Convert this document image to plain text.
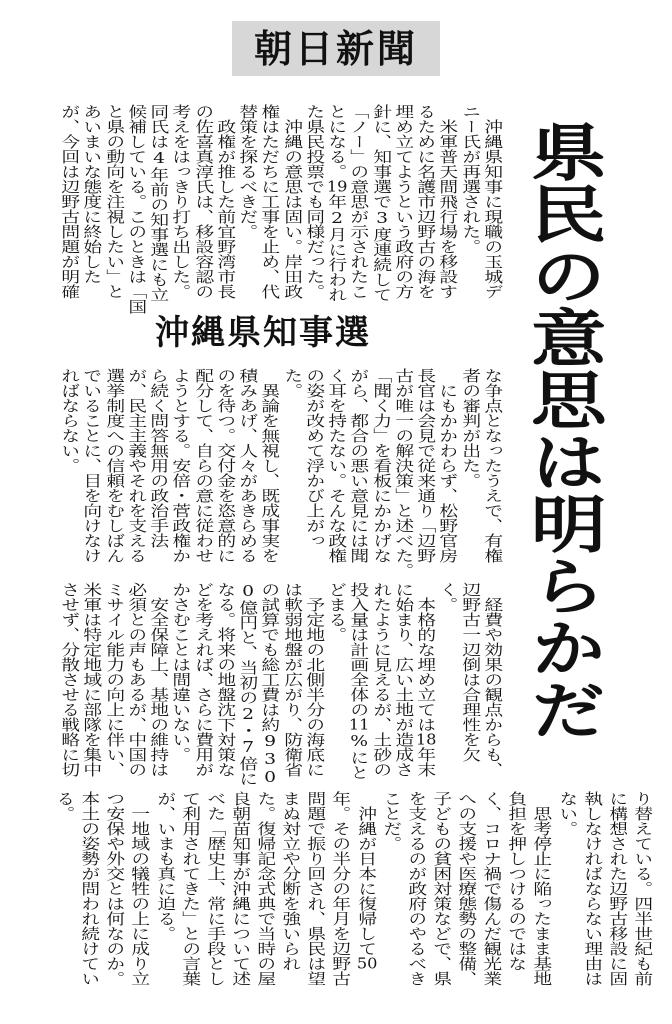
朝日新聞
県民の意思は明らかだ
沖縄県知事選
　沖縄県知事に現職の玉城デ
ニー氏が再選された。
　米軍普天間飛行場を移設す
るために名護市辺野古の海を
埋め立てようという政府の方
針に、知事選で3度連続して
「ノー」の意思が示されたこ
とになる。19年2月に行われ
た県民投票でも同様だった。
　沖縄の意思は固い。岸田政
権はただちに工事を止め、代
替策を探るべきだ。
　政権が推した前宜野湾市長
の佐喜真淳氏は、移設容認の
考えをはっきり打ち出した。
同氏は4年前の知事選にも立
候補している。このときは「国
と県の動向を注視したい」と
あいまいな態度に終始した
が、今回は辺野古問題が明確
な争点となったうえで、有権
者の審判が出た。
　にもかかわらず、松野官房
長官は会見で従来通り「辺野
古が唯一の解決策」と述べた。
「聞く力」を看板にかかげな
がら、都合の悪い意見には聞
く耳を持たない。そんな政権
の姿が改めて浮かび上がっ
た。
　異論を無視し、既成事実を
積みあげ、人々があきらめる
のを待つ。交付金を恣意的に
配分して、自らの意に従わせ
ようとする。安倍・菅政権か
ら続く問答無用の政治手法
が、民主主義やそれを支える
選挙制度への信頼をむしばん
でいることに、目を向けなけ
ればならない。
　経費や効果の観点からも、
辺野古一辺倒は合理性を欠
く。
　本格的な埋め立ては18年末
に始まり、広い土地が造成さ
れたように見えるが、土砂の
投入量は計画全体の11%にと
どまる。
　予定地の北側半分の海底に
は軟弱地盤が広がり、防衛省
の試算でも総工費は約930
0億円と、当初の2・7倍に
なる。将来の地盤沈下対策な
どを考えれば、さらに費用が
かさむことは間違いない。
　安全保障上、基地の維持は
必須との声もあるが、中国の
ミサイル能力の向上に伴い、
米軍は特定地域に部隊を集中
させず、分散させる戦略に切
り替えている。四半世紀も前
に構想された辺野古移設に固
執しなければならない理由は
ない。
　思考停止に陥ったまま基地
負担を押しつけるのではな
く、コロナ禍で傷んだ観光業
への支援や医療態勢の整備、
子どもの貧困対策などで、県
を支えるのが政府のやるべき
ことだ。
　沖縄が日本に復帰して50
年。その半分の年月を辺野古
問題で振り回され、県民は望
まぬ対立や分断を強いられ
た。復帰記念式典で当時の屋
良朝苗知事が沖縄について述
べた「歴史上、常に手段とし
て利用されてきた」との言葉
が、いまも真に迫る。
　一地域の犠牲の上に成り立
つ安保や外交とは何なのか。
本土の姿勢が問われ続けてい
る。
